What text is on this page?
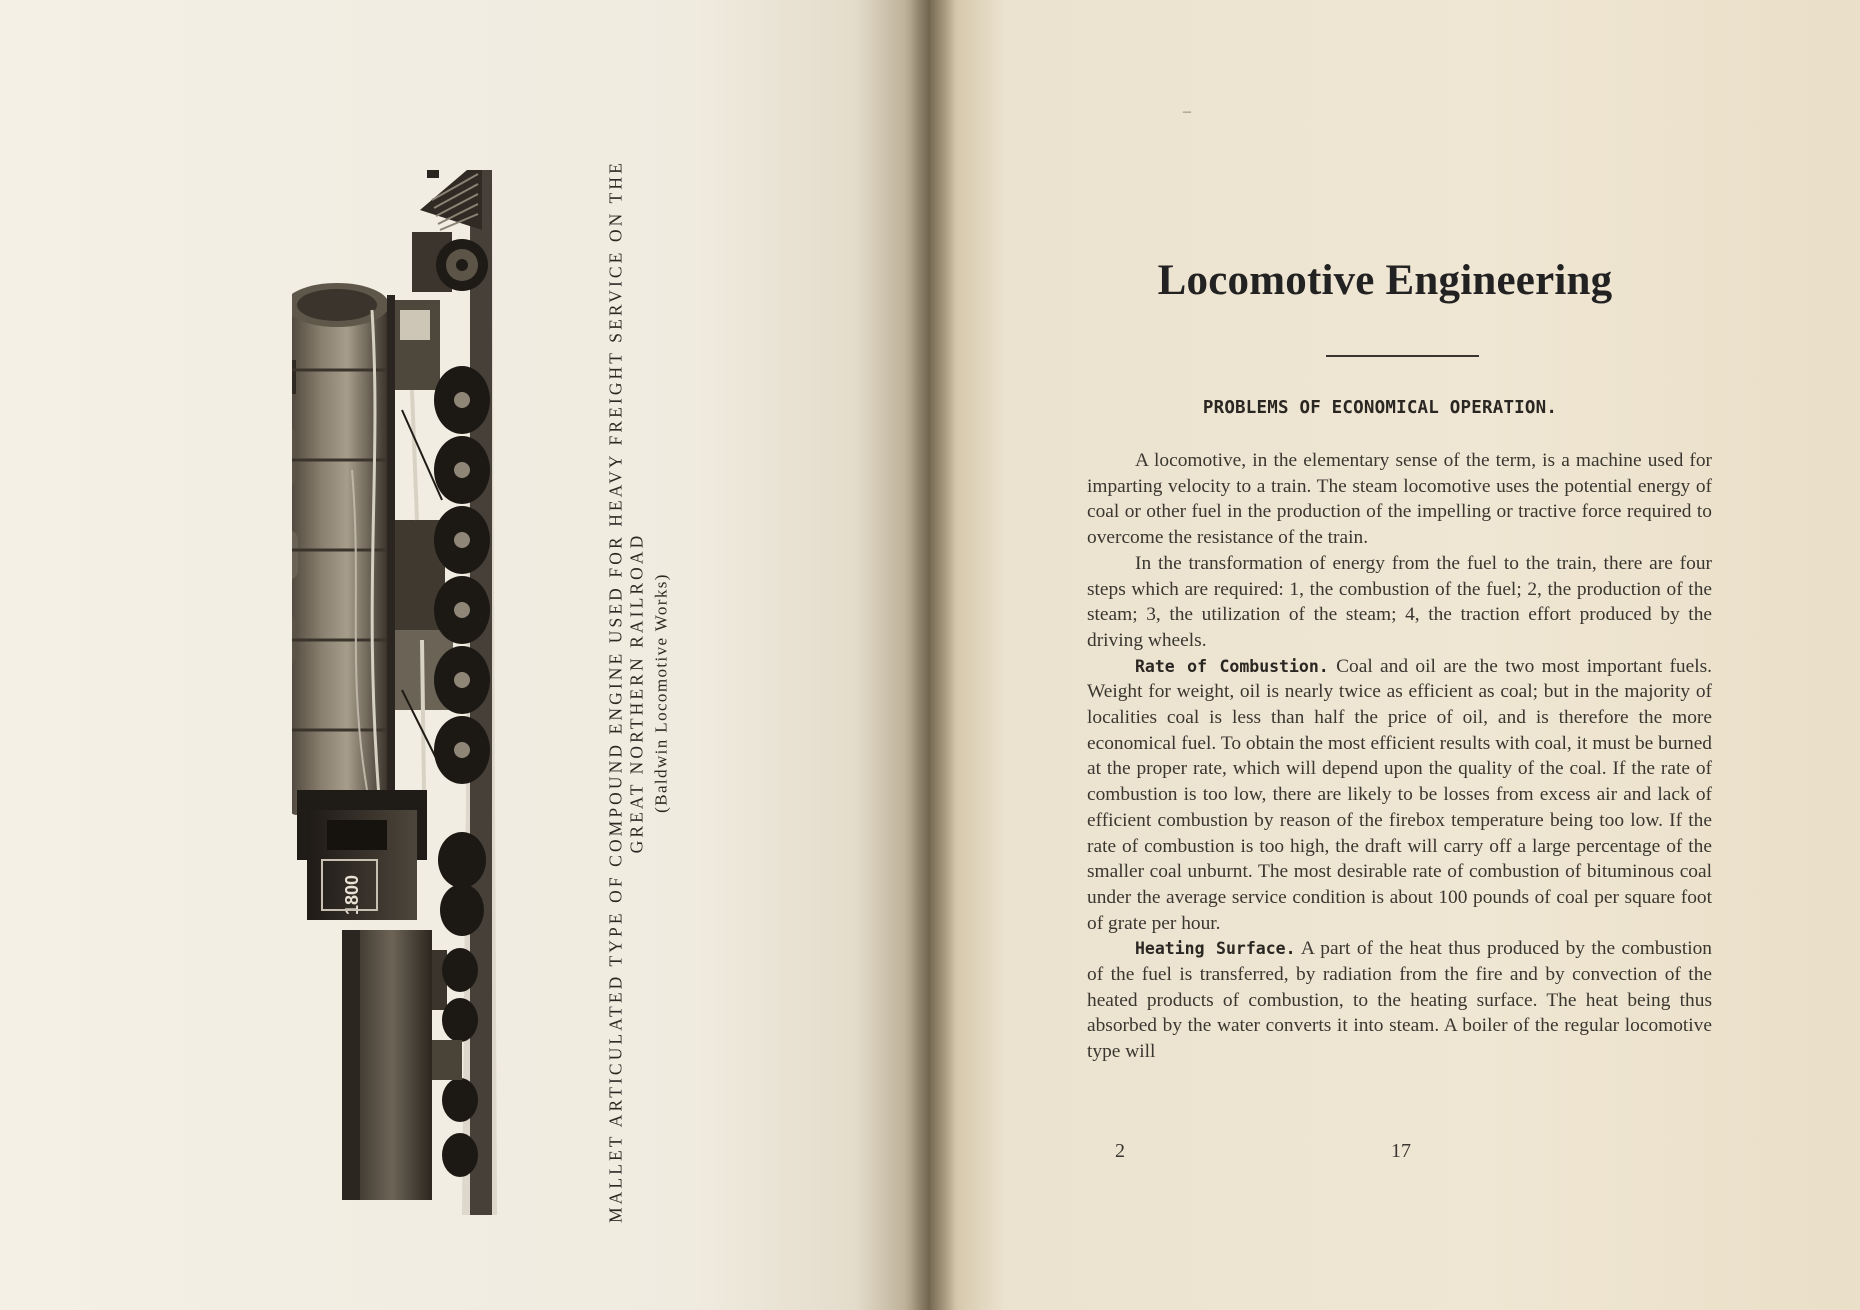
1800	MALLET ARTICULATED TYPE OF COMPOUND ENGINE USED FOR HEAVY FREIGHT SERVICE ON THE GREAT NORTHERN RAILROAD (Baldwin Locomotive Works)
–
Locomotive Engineering
PROBLEMS OF ECONOMICAL OPERATION.

A locomotive, in the elementary sense of the term, is a machine used for imparting velocity to a train. The steam locomotive uses the potential energy of coal or other fuel in the production of the impelling or tractive force required to overcome the resistance of the train.

In the transformation of energy from the fuel to the train, there are four steps which are required: 1, the combustion of the fuel; 2, the production of the steam; 3, the utilization of the steam; 4, the traction effort produced by the driving wheels.

Rate of Combustion. Coal and oil are the two most important fuels. Weight for weight, oil is nearly twice as efficient as coal; but in the majority of localities coal is less than half the price of oil, and is therefore the more economical fuel. To obtain the most efficient results with coal, it must be burned at the proper rate, which will depend upon the quality of the coal. If the rate of combustion is too low, there are likely to be losses from excess air and lack of efficient combustion by reason of the firebox temperature being too low. If the rate of combustion is too high, the draft will carry off a large percentage of the smaller coal unburnt. The most desirable rate of combustion of bituminous coal under the average service condition is about 100 pounds of coal per square foot of grate per hour.

Heating Surface. A part of the heat thus produced by the combustion of the fuel is transferred, by radiation from the fire and by convection of the heated products of combustion, to the heating surface. The heat being thus absorbed by the water converts it into steam. A boiler of the regular locomotive type will

2	17
